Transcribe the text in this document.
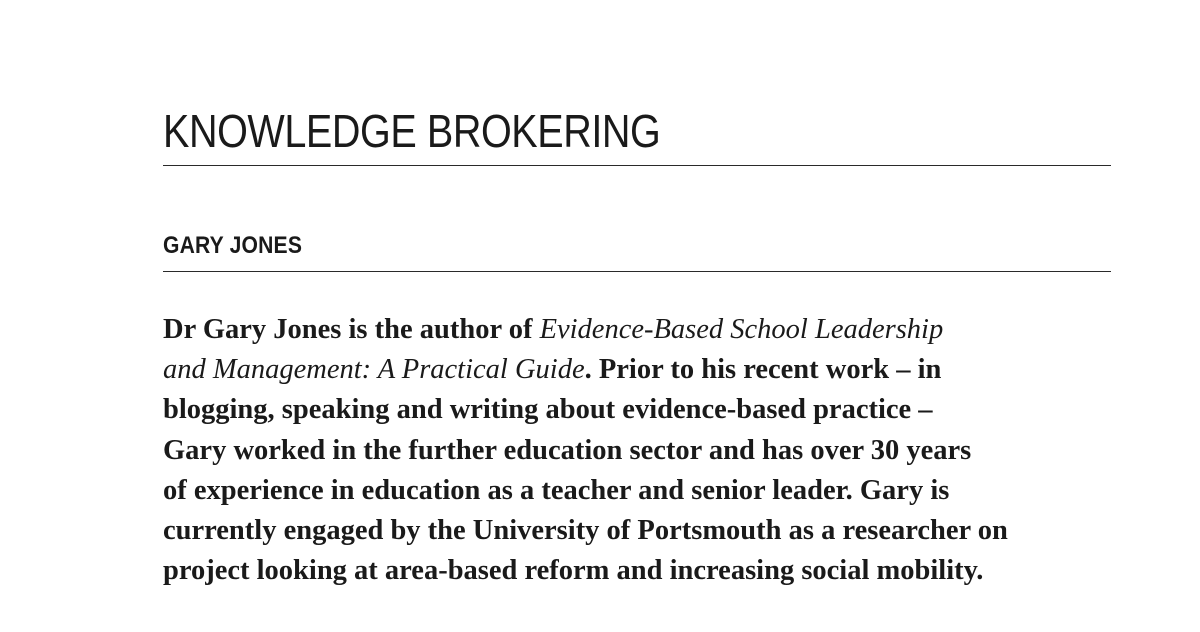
KNOWLEDGE BROKERING
GARY JONES

Dr Gary Jones is the author of Evidence-Based School Leadership
and Management: A Practical Guide. Prior to his recent work – in
blogging, speaking and writing about evidence-based practice –
Gary worked in the further education sector and has over 30 years
of experience in education as a teacher and senior leader. Gary is
currently engaged by the University of Portsmouth as a researcher on
project looking at area-based reform and increasing social mobility.
